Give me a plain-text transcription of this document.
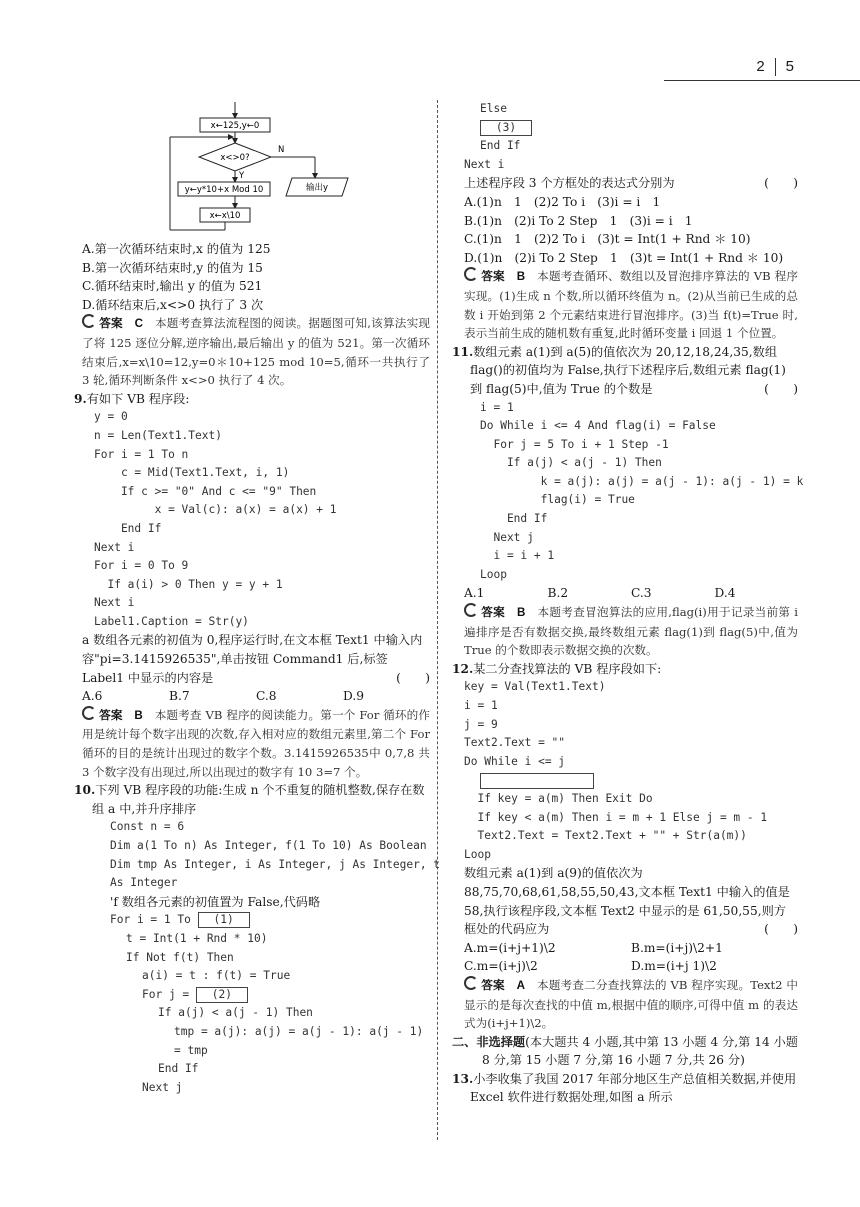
2 5
x←125,y←0
x<>0?
N
Y
y←y*10+x Mod 10	输出y
x←x\10
A.第一次循环结束时,x 的值为 125
B.第一次循环结束时,y 的值为 15
C.循环结束时,输出 y 的值为 521
D.循环结束后,x<>0 执行了 3 次
答案　 C　 本题考查算法流程图的阅读。据题图可知,该算法实现了将 125 逐位分解,逆序输出,最后输出 y 的值为 521。第一次循环结束后,x=x\10=12,y=0＊10+125 mod 10=5,循环一共执行了 3 轮,循环判断条件 x<>0 执行了 4 次。
9.有如下 VB 程序段:
y = 0
n = Len(Text1.Text)
For i = 1 To n
c = Mid(Text1.Text, i, 1)
If c >= "0" And c <= "9" Then
x = Val(c): a(x) = a(x) + 1
End If
Next i
For i = 0 To 9
If a(i) > 0 Then y = y + 1
Next i
Label1.Caption = Str(y)
a 数组各元素的初值为 0,程序运行时,在文本框 Text1 中输入内容"pi=3.1415926535",单击按钮 Command1 后,标签 Label1 中显示的内容是	(　　)
A.6	B.7	C.8	D.9
答案　 B　 本题考查 VB 程序的阅读能力。第一个 For 循环的作用是统计每个数字出现的次数,存入相对应的数组元素里,第二个 For 循环的目的是统计出现过的数字个数。3.1415926535中 0,7,8 共 3 个数字没有出现过,所以出现过的数字有 10 3=7 个。
10.下列 VB 程序段的功能:生成 n 个不重复的随机整数,保存在数组 a 中,并升序排序
Const n = 6
Dim a(1 To n) As Integer, f(1 To 10) As Boolean
Dim tmp As Integer, i As Integer, j As Integer, t
As Integer
'f 数组各元素的初值置为 False,代码略
For i = 1 To (1)
t = Int(1 + Rnd * 10)
If Not f(t) Then
a(i) = t : f(t) = True
For j = (2)
If a(j) < a(j - 1) Then
tmp = a(j): a(j) = a(j - 1): a(j - 1)
= tmp
End If
Next j
Else
(3)
End If
Next i
上述程序段 3 个方框处的表达式分别为	(　　)
A.(1)n　1　(2)2 To i　(3)i = i　1
B.(1)n　(2)i To 2 Step　1　(3)i = i　1
C.(1)n　1　(2)2 To i　(3)t = Int(1 + Rnd ＊ 10)
D.(1)n　(2)i To 2 Step　1　(3)t = Int(1 + Rnd ＊ 10)
答案　 B　 本题考查循环、数组以及冒泡排序算法的 VB 程序实现。(1)生成 n 个数,所以循环终值为 n。(2)从当前已生成的总数 i 开始到第 2 个元素结束进行冒泡排序。(3)当 f(t)=True 时,表示当前生成的随机数有重复,此时循环变量 i 回退 1 个位置。
11.数组元素 a(1)到 a(5)的值依次为 20,12,18,24,35,数组 flag()的初值均为 False,执行下述程序后,数组元素 flag(1)到 flag(5)中,值为 True 的个数是	(　　)
i = 1
Do While i <= 4 And flag(i) = False
For j = 5 To i + 1 Step -1
If a(j) < a(j - 1) Then
k = a(j): a(j) = a(j - 1): a(j - 1) = k
flag(i) = True
End If
Next j
i = i + 1
Loop
A.1	B.2	C.3	D.4
答案　 B　 本题考查冒泡算法的应用,flag(i)用于记录当前第 i 遍排序是否有数据交换,最终数组元素 flag(1)到 flag(5)中,值为 True 的个数即表示数据交换的次数。
12.某二分查找算法的 VB 程序段如下:
key = Val(Text1.Text)
i = 1
j = 9
Text2.Text = ""
Do While i <= j
If key = a(m) Then Exit Do
If key < a(m) Then i = m + 1 Else j = m - 1
Text2.Text = Text2.Text + "" + Str(a(m))
Loop
数组元素 a(1)到 a(9)的值依次为 88,75,70,68,61,58,55,50,43,文本框 Text1 中输入的值是 58,执行该程序段,文本框 Text2 中显示的是 61,50,55,则方框处的代码应为	(　　)
A.m=(i+j+1)\2	B.m=(i+j)\2+1
C.m=(i+j)\2	D.m=(i+j 1)\2
答案　 A　 本题考查二分查找算法的 VB 程序实现。Text2 中显示的是每次查找的中值 m,根据中值的顺序,可得中值 m 的表达式为(i+j+1)\2。
二、非选择题(本大题共 4 小题,其中第 13 小题 4 分,第 14 小题 8 分,第 15 小题 7 分,第 16 小题 7 分,共 26 分)
13.小李收集了我国 2017 年部分地区生产总值相关数据,并使用 Excel 软件进行数据处理,如图 a 所示
